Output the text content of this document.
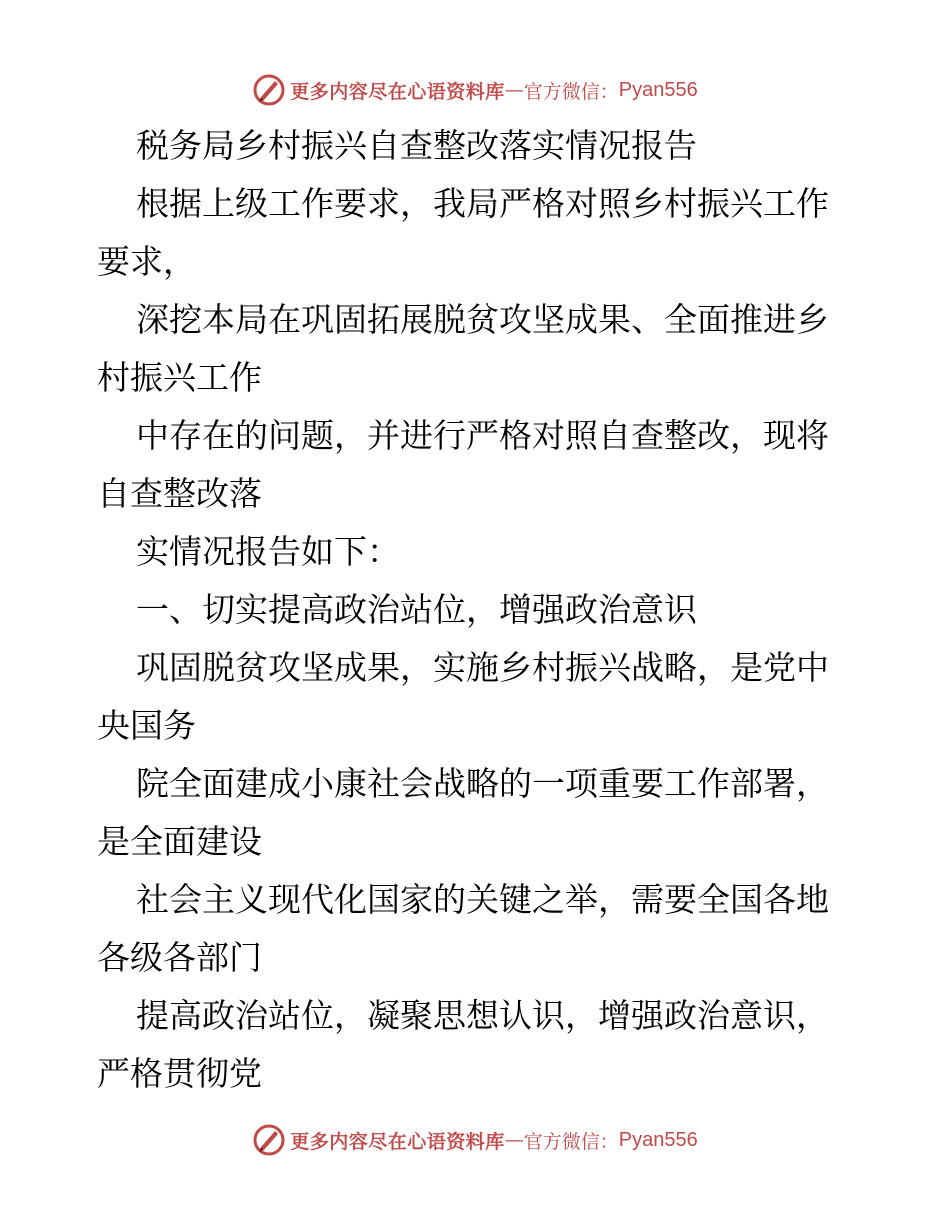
更多内容尽在心语资料库 — 官方微信： Pyan556
税务局乡村振兴自查整改落实情况报告
根据上级工作要求，我局严格对照乡村振兴工作
要求，
深挖本局在巩固拓展脱贫攻坚成果、全面推进乡
村振兴工作
中存在的问题，并进行严格对照自查整改，现将
自查整改落
实情况报告如下：
一、切实提高政治站位，增强政治意识
巩固脱贫攻坚成果，实施乡村振兴战略，是党中
央国务
院全面建成小康社会战略的一项重要工作部署，
是全面建设
社会主义现代化国家的关键之举，需要全国各地
各级各部门
提高政治站位，凝聚思想认识，增强政治意识，
严格贯彻党
更多内容尽在心语资料库 — 官方微信： Pyan556
